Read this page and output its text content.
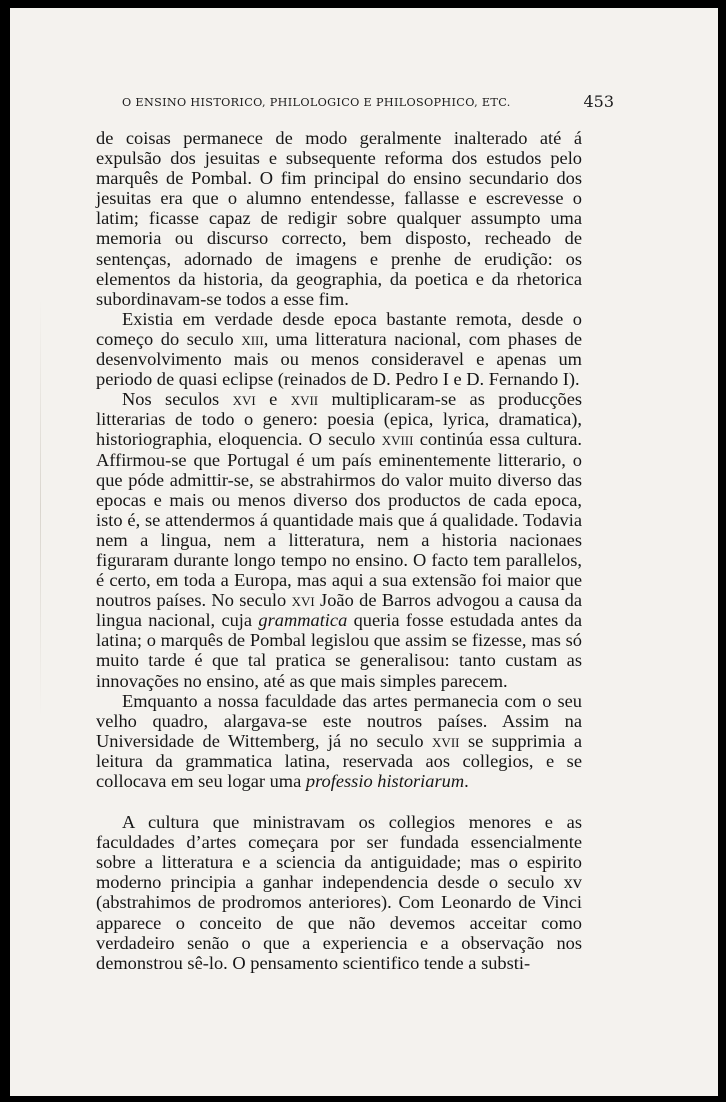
O ENSINO HISTORICO, PHILOLOGICO E PHILOSOPHICO, ETC.	453

de coisas permanece de modo geralmente inalterado até á expulsão dos jesuitas e subsequente reforma dos estudos pelo marquês de Pombal. O fim principal do ensino secundario dos jesuitas era que o alumno entendesse, fallasse e escrevesse o latim; ficasse capaz de redigir sobre qualquer assumpto uma memoria ou discurso correcto, bem disposto, recheado de sentenças, adornado de imagens e prenhe de erudição: os elementos da historia, da geographia, da poetica e da rhetorica subordinavam-se todos a esse fim.

Existia em verdade desde epoca bastante remota, desde o começo do seculo xiii, uma litteratura nacional, com phases de desenvolvimento mais ou menos consideravel e apenas um periodo de quasi eclipse (reinados de D. Pedro I e D. Fernando I).

Nos seculos xvi e xvii multiplicaram-se as producções litterarias de todo o genero: poesia (epica, lyrica, dramatica), historiographia, eloquencia. O seculo xviii continúa essa cultura. Affirmou-se que Portugal é um país eminentemente litterario, o que póde admittir-se, se abstrahirmos do valor muito diverso das epocas e mais ou menos diverso dos productos de cada epoca, isto é, se attendermos á quantidade mais que á qualidade. Todavia nem a lingua, nem a litteratura, nem a historia nacionaes figuraram durante longo tempo no ensino. O facto tem parallelos, é certo, em toda a Europa, mas aqui a sua extensão foi maior que noutros países. No seculo xvi João de Barros advogou a causa da lingua nacional, cuja grammatica queria fosse estudada antes da latina; o marquês de Pombal legislou que assim se fizesse, mas só muito tarde é que tal pratica se generalisou: tanto custam as innovações no ensino, até as que mais simples parecem.

Emquanto a nossa faculdade das artes permanecia com o seu velho quadro, alargava-se este noutros países. Assim na Universidade de Wittemberg, já no seculo xvii se supprimia a leitura da grammatica latina, reservada aos collegios, e se collocava em seu logar uma professio historiarum.

A cultura que ministravam os collegios menores e as faculdades d’artes começara por ser fundada essencialmente sobre a litteratura e a sciencia da antiguidade; mas o espirito moderno principia a ganhar independencia desde o seculo xv (abstrahimos de prodromos anteriores). Com Leonardo de Vinci apparece o conceito de que não devemos acceitar como verdadeiro senão o que a experiencia e a observação nos demonstrou sê-lo. O pensamento scientifico tende a substi-
